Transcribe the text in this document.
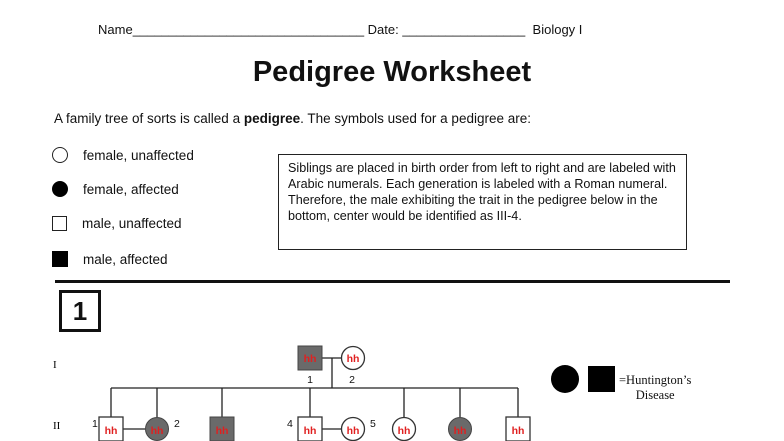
Name________________________________ Date: _________________ Biology I
Pedigree Worksheet
A family tree of sorts is called a pedigree. The symbols used for a pedigree are:
female, unaffected
female, affected
male, unaffected
male, affected
Siblings are placed in birth order from left to right and are labeled with Arabic numerals. Each generation is labeled with a Roman numeral. Therefore, the male exhibiting the trait in the pedigree below in the bottom, center would be identified as III-4.
1
I
II
hh
1
hh
2
1
hh	hh
2
hh
4
hh	hh
5
hh	hh	hh
=Huntington’s
Disease
